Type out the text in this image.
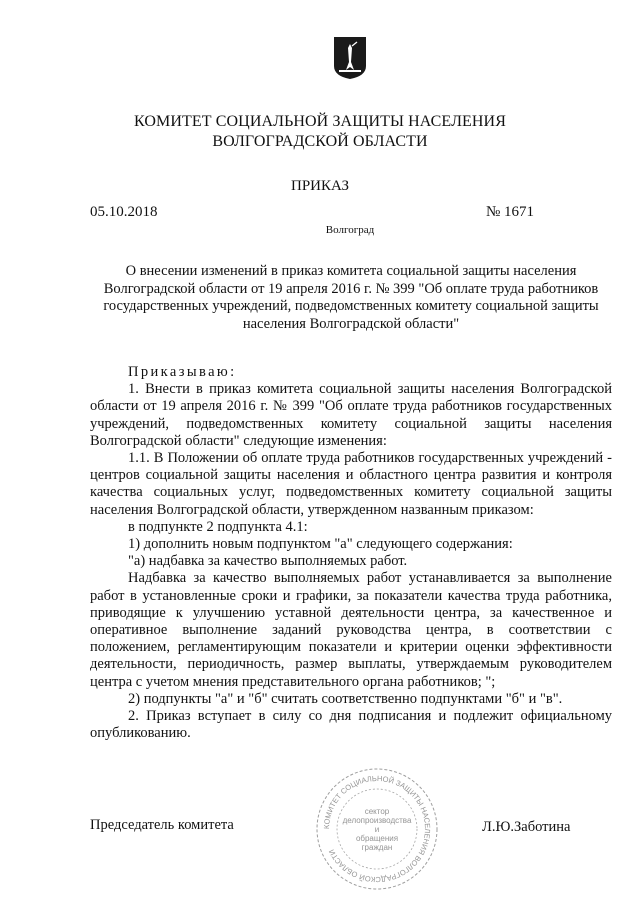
КОМИТЕТ СОЦИАЛЬНОЙ ЗАЩИТЫ НАСЕЛЕНИЯ
ВОЛГОГРАДСКОЙ ОБЛАСТИ
ПРИКАЗ
05.10.2018	№ 1671
Волгоград
О внесении изменений в приказ комитета социальной защиты населения Волгоградской области от 19 апреля 2016 г. № 399 "Об оплате труда работников государственных учреждений, подведомственных комитету социальной защиты населения Волгоградской области"

Приказываю:

1. Внести в приказ комитета социальной защиты населения Волгоградской области от 19 апреля 2016 г. № 399 "Об оплате труда работников государственных учреждений, подведомственных комитету социальной защиты населения Волгоградской области" следующие изменения:

1.1. В Положении об оплате труда работников государственных учреждений - центров социальной защиты населения и областного центра развития и контроля качества социальных услуг, подведомственных комитету социальной защиты населения Волгоградской области, утвержденном названным приказом:

в подпункте 2 подпункта 4.1:

1) дополнить новым подпунктом "а" следующего содержания:

"а) надбавка за качество выполняемых работ.

Надбавка за качество выполняемых работ устанавливается за выполнение работ в установленные сроки и графики, за показатели качества труда работника, приводящие к улучшению уставной деятельности центра, за качественное и оперативное выполнение заданий руководства центра, в соответствии с положением, регламентирующим показатели и критерии оценки эффективности деятельности, периодичность, размер выплаты, утверждаемым руководителем центра с учетом мнения представительного органа работников; ";

2) подпункты "а" и "б" считать соответственно подпунктами "б" и "в".

2. Приказ вступает в силу со дня подписания и подлежит официальному опубликованию.

Председатель комитета	Л.Ю.Заботина
КОМИТЕТ СОЦИАЛЬНОЙ ЗАЩИТЫ НАСЕЛЕНИЯ ВОЛГОГРАДСКОЙ ОБЛАСТИ
сектор
делопроизводства
и
обращения
граждан
